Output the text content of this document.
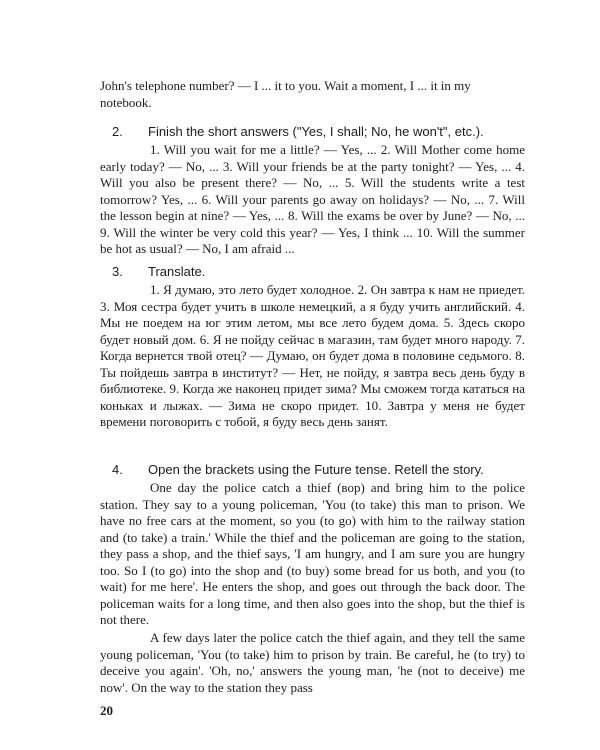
John's telephone number? — I ... it to you. Wait a moment, I ... it in my
notebook.
2. Finish the short answers ("Yes, I shall; No, he won't", etc.).

1. Will you wait for me a little? — Yes, ... 2. Will Mother come home early today? — No, ... 3. Will your friends be at the party tonight? — Yes, ... 4. Will you also be present there? — No, ... 5. Will the students write a test tomorrow? Yes, ... 6. Will your parents go away on holidays? — No, ... 7. Will the lesson begin at nine? — Yes, ... 8. Will the exams be over by June? — No, ... 9. Will the winter be very cold this year? — Yes, I think ... 10. Will the summer be hot as usual? — No, I am afraid ...

3. Translate.

1. Я думаю, это лето будет холодное. 2. Он завтра к нам не приедет. 3. Моя сестра будет учить в школе немецкий, а я буду учить английский. 4. Мы не поедем на юг этим летом, мы все лето будем дома. 5. Здесь скоро будет новый дом. 6. Я не пойду сейчас в магазин, там будет много народу. 7. Когда вернется твой отец? — Думаю, он будет дома в половине седьмого. 8. Ты пойдешь завтра в институт? — Нет, не пойду, я завтра весь день буду в библиотеке. 9. Когда же наконец придет зима? Мы сможем тогда кататься на коньках и лыжах. — Зима не скоро придет. 10. Завтра у меня не будет времени поговорить с тобой, я буду весь день занят.

4. Open the brackets using the Future tense. Retell the story.

One day the police catch a thief (вор) and bring him to the police station. They say to a young policeman, 'You (to take) this man to prison. We have no free cars at the moment, so you (to go) with him to the railway station and (to take) a train.' While the thief and the policeman are going to the station, they pass a shop, and the thief says, 'I am hungry, and I am sure you are hungry too. So I (to go) into the shop and (to buy) some bread for us both, and you (to wait) for me here'. He enters the shop, and goes out through the back door. The policeman waits for a long time, and then also goes into the shop, but the thief is not there.

A few days later the police catch the thief again, and they tell the same young policeman, 'You (to take) him to prison by train. Be careful, he (to try) to deceive you again'. 'Oh, no,' answers the young man, 'he (not to deceive) me now'. On the way to the station they pass

20
